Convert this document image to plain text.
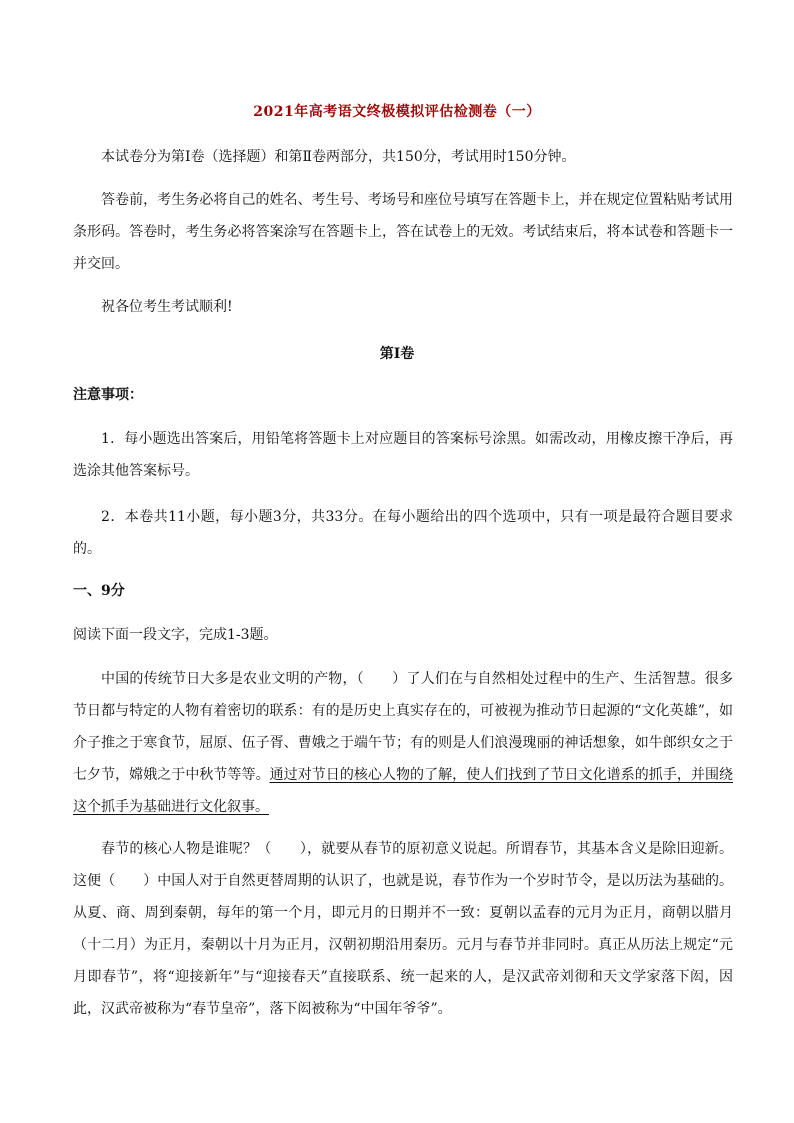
2021年高考语文终极模拟评估检测卷（一）

本试卷分为第Ⅰ卷（选择题）和第Ⅱ卷两部分，共150分，考试用时150分钟。

答卷前，考生务必将自己的姓名、考生号、考场号和座位号填写在答题卡上，并在规定位置粘贴考试用条形码。答卷时，考生务必将答案涂写在答题卡上，答在试卷上的无效。考试结束后，将本试卷和答题卡一并交回。

祝各位考生考试顺利!

第Ⅰ卷

注意事项：

1．每小题选出答案后，用铅笔将答题卡上对应题目的答案标号涂黑。如需改动，用橡皮擦干净后，再选涂其他答案标号。

2．本卷共11小题，每小题3分，共33分。在每小题给出的四个选项中，只有一项是最符合题目要求的。

一、9分

阅读下面一段文字，完成1-3题。

中国的传统节日大多是农业文明的产物，（　　）了人们在与自然相处过程中的生产、生活智慧。很多节日都与特定的人物有着密切的联系：有的是历史上真实存在的，可被视为推动节日起源的“文化英雄”，如介子推之于寒食节，屈原、伍子胥、曹娥之于端午节；有的则是人们浪漫瑰丽的神话想象，如牛郎织女之于七夕节，嫦娥之于中秋节等等。通过对节日的核心人物的了解，使人们找到了节日文化谱系的抓手，并围绕这个抓手为基础进行文化叙事。

春节的核心人物是谁呢？（　　），就要从春节的原初意义说起。所谓春节，其基本含义是除旧迎新。这便（　　）中国人对于自然更替周期的认识了，也就是说，春节作为一个岁时节令，是以历法为基础的。从夏、商、周到秦朝，每年的第一个月，即元月的日期并不一致：夏朝以孟春的元月为正月，商朝以腊月（十二月）为正月，秦朝以十月为正月，汉朝初期沿用秦历。元月与春节并非同时。真正从历法上规定“元月即春节”，将“迎接新年”与“迎接春天”直接联系、统一起来的人，是汉武帝刘彻和天文学家落下闳，因此，汉武帝被称为“春节皇帝”，落下闳被称为“中国年爷爷”。
